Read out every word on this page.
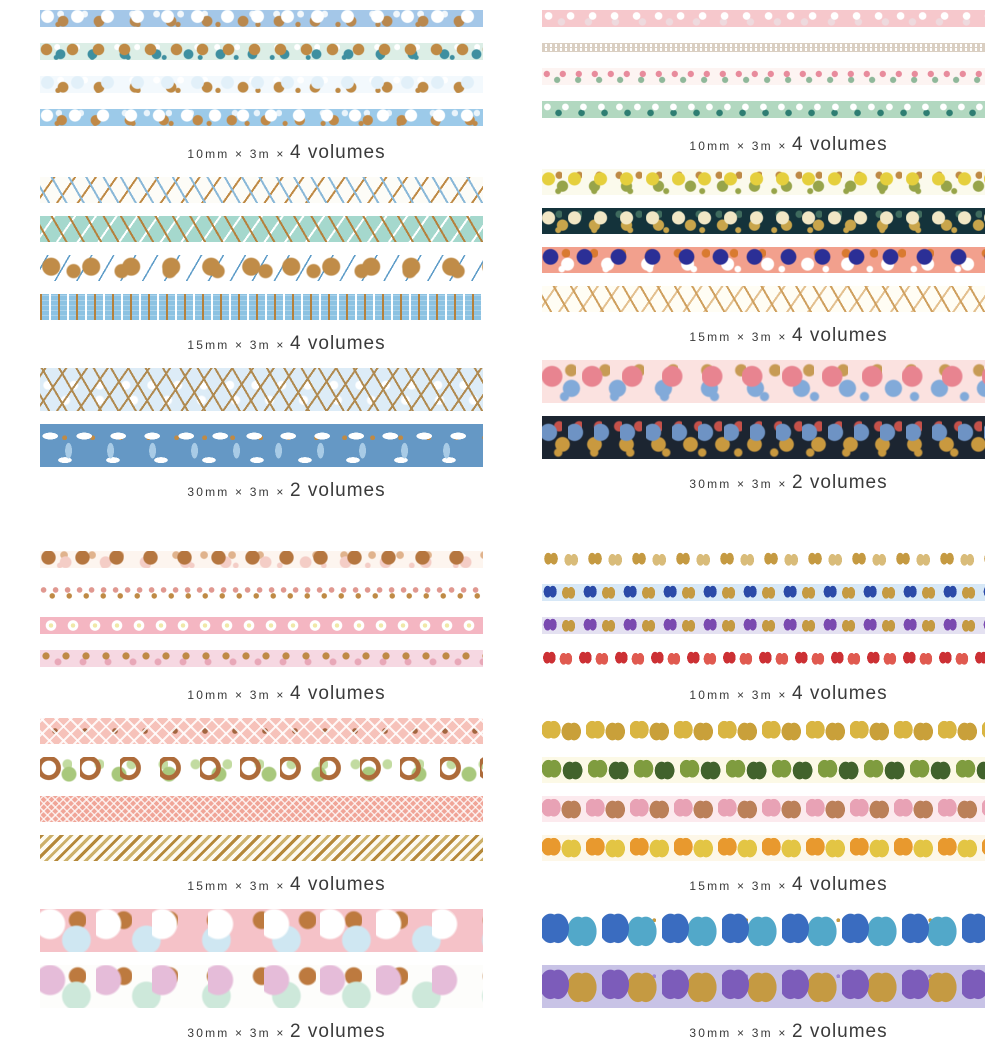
10mm × 3m × 4 volumes
15mm × 3m × 4 volumes
30mm × 3m × 2 volumes
10mm × 3m × 4 volumes
15mm × 3m × 4 volumes
30mm × 3m × 2 volumes
10mm × 3m × 4 volumes
15mm × 3m × 4 volumes
30mm × 3m × 2 volumes
10mm × 3m × 4 volumes
15mm × 3m × 4 volumes
30mm × 3m × 2 volumes
